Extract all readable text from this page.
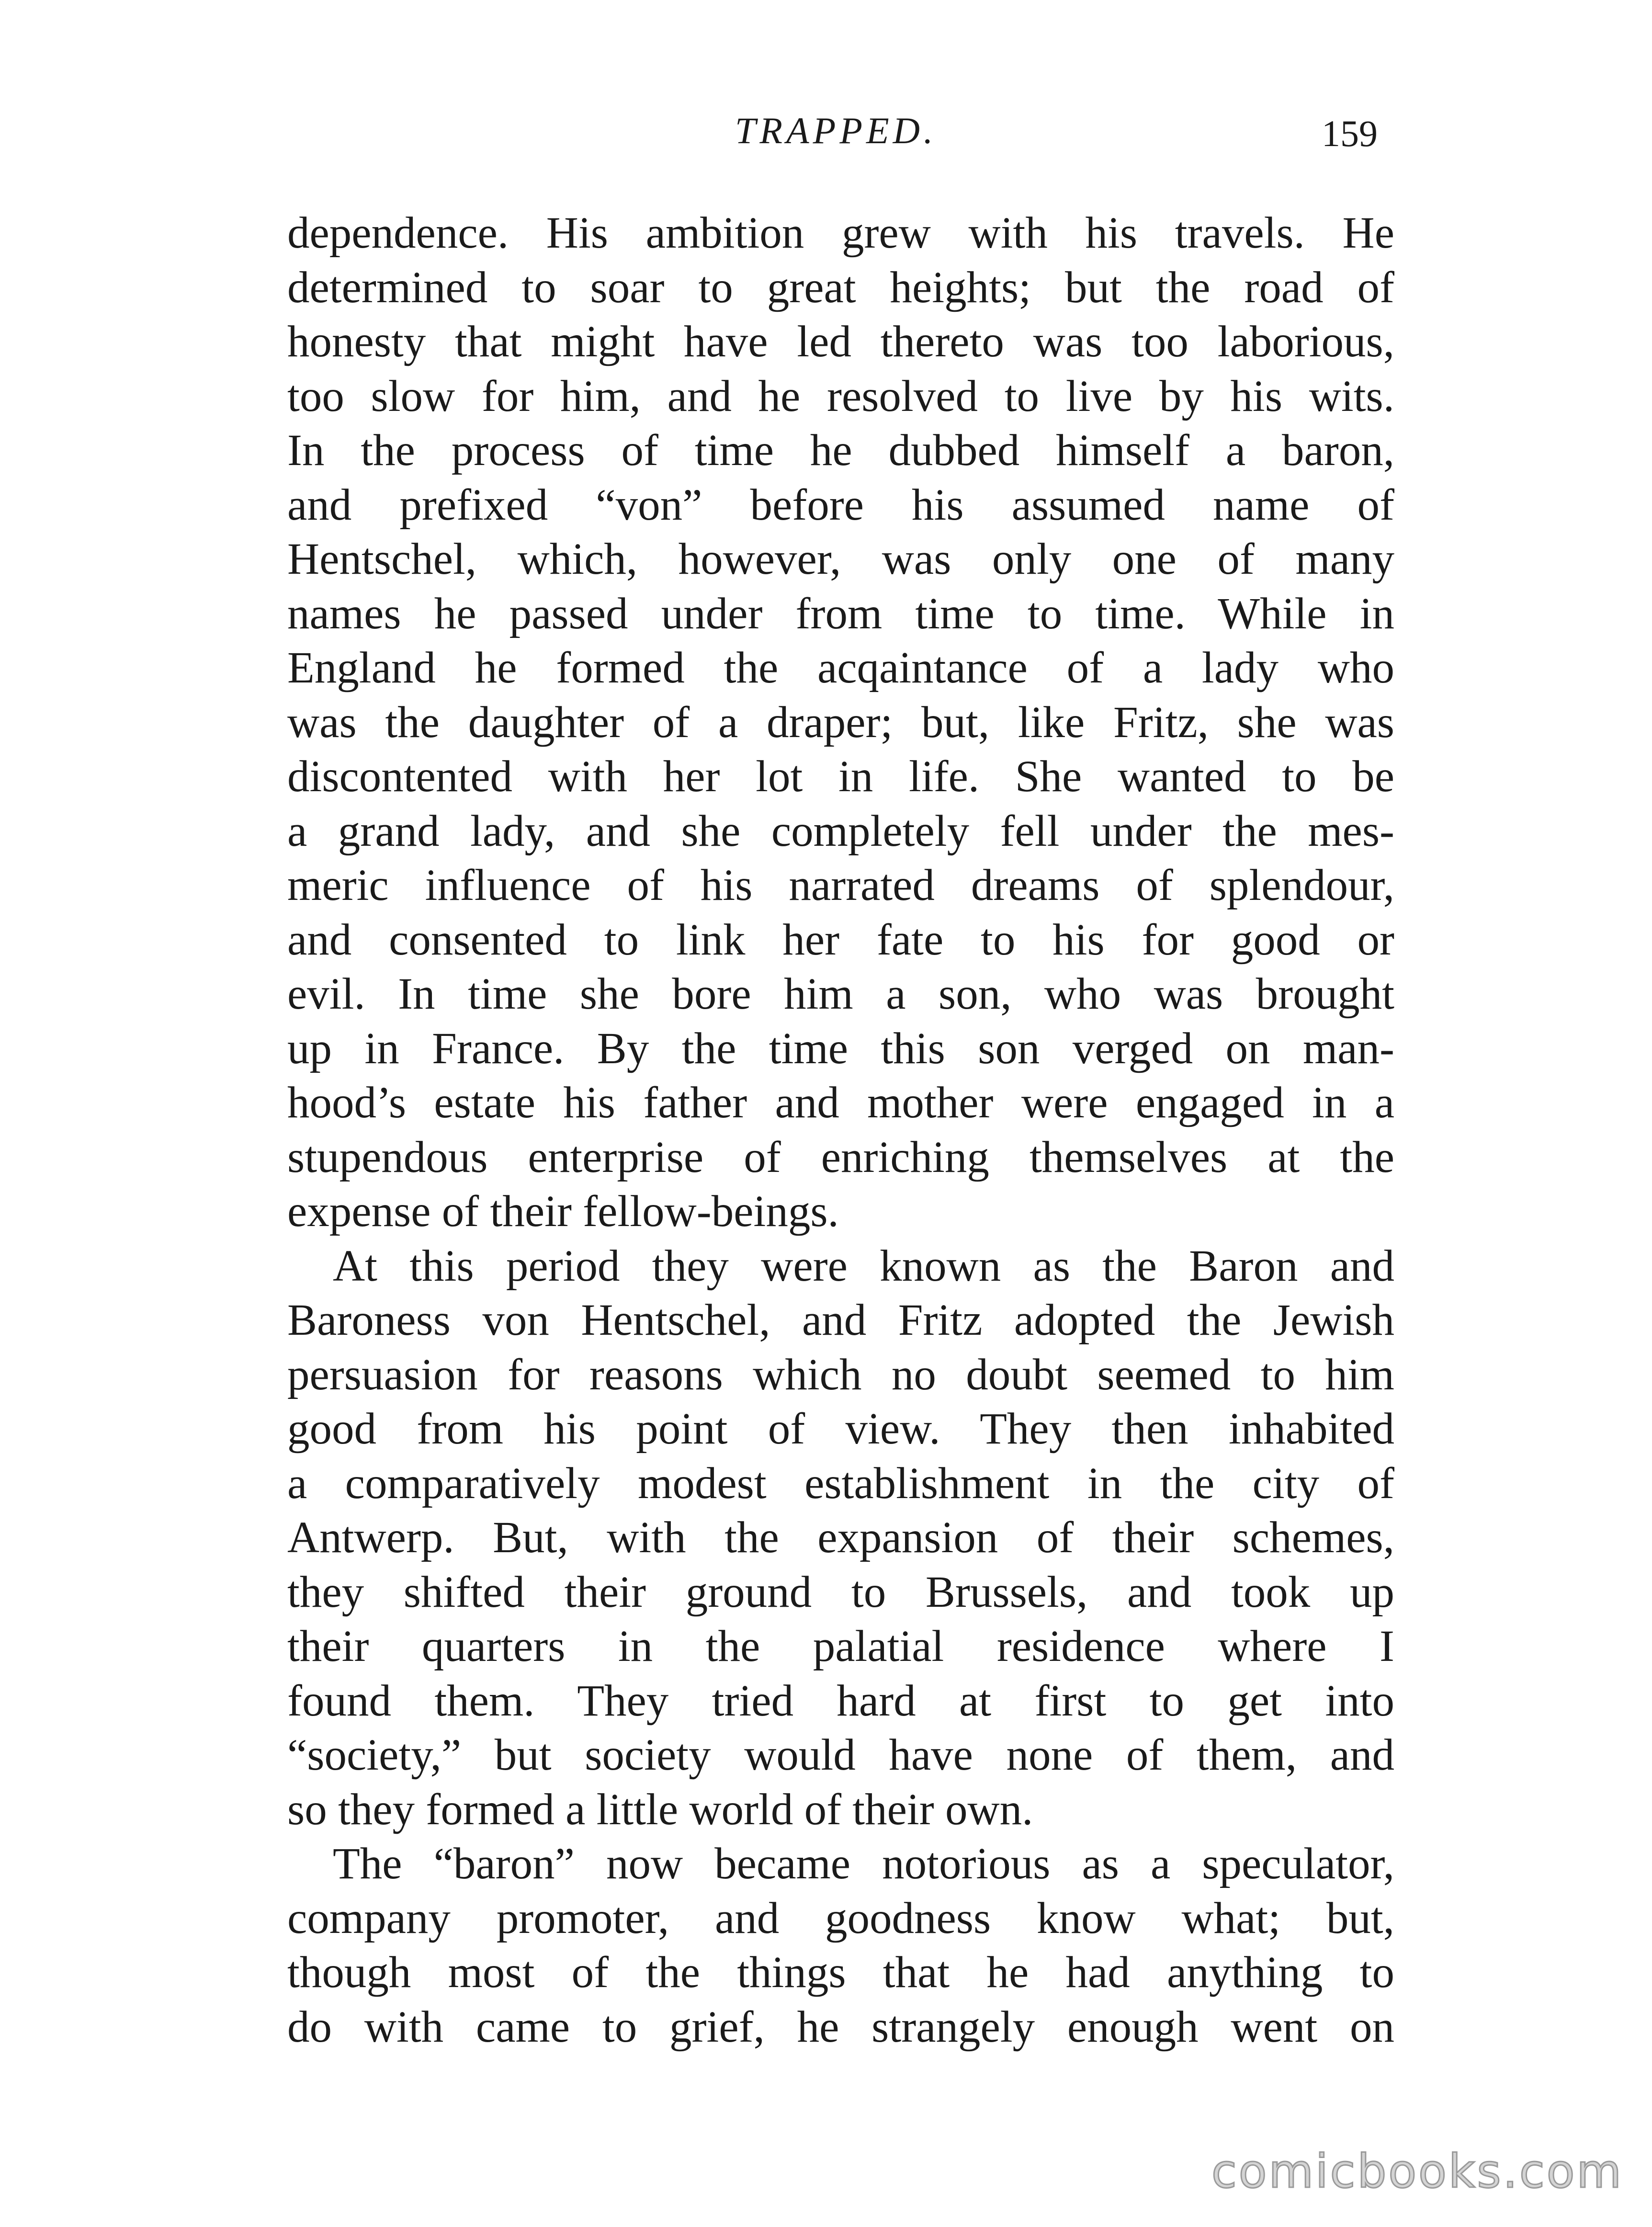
TRAPPED.	159
dependence. His ambition grew with his travels. He
determined to soar to great heights; but the road of
honesty that might have led thereto was too laborious,
too slow for him, and he resolved to live by his wits.
In the process of time he dubbed himself a baron,
and prefixed “von” before his assumed name of
Hentschel, which, however, was only one of many
names he passed under from time to time. While in
England he formed the acqaintance of a lady who
was the daughter of a draper; but, like Fritz, she was
discontented with her lot in life. She wanted to be
a grand lady, and she completely fell under the mes-
meric influence of his narrated dreams of splendour,
and consented to link her fate to his for good or
evil. In time she bore him a son, who was brought
up in France. By the time this son verged on man-
hood’s estate his father and mother were engaged in a
stupendous enterprise of enriching themselves at the
expense of their fellow-beings.
At this period they were known as the Baron and
Baroness von Hentschel, and Fritz adopted the Jewish
persuasion for reasons which no doubt seemed to him
good from his point of view. They then inhabited
a comparatively modest establishment in the city of
Antwerp. But, with the expansion of their schemes,
they shifted their ground to Brussels, and took up
their quarters in the palatial residence where I
found them. They tried hard at first to get into
“society,” but society would have none of them, and
so they formed a little world of their own.
The “baron” now became notorious as a speculator,
company promoter, and goodness know what; but,
though most of the things that he had anything to
do with came to grief, he strangely enough went on
comicbooks.com
